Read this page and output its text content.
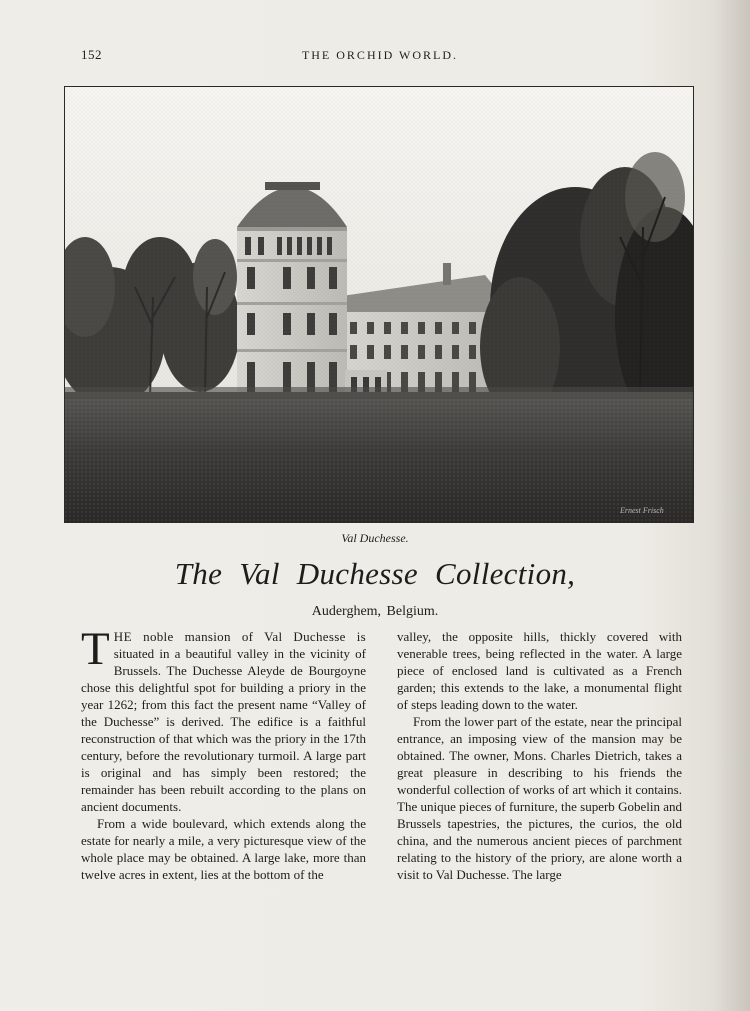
152	THE ORCHID WORLD.
Ernest Frisch
Val Duchesse.
The Val Duchesse Collection,
Auderghem, Belgium.

THE noble mansion of Val Duchesse is situated in a beautiful valley in the vicinity of Brussels. The Duchesse Aleyde de Bourgoyne chose this delightful spot for building a priory in the year 1262; from this fact the present name “Valley of the Duchesse” is derived. The edifice is a faithful reconstruction of that which was the priory in the 17th century, before the revolutionary turmoil. A large part is original and has simply been restored; the remainder has been rebuilt according to the plans on ancient documents.

From a wide boulevard, which extends along the estate for nearly a mile, a very picturesque view of the whole place may be obtained. A large lake, more than twelve acres in extent, lies at the bottom of the

valley, the opposite hills, thickly covered with venerable trees, being reflected in the water. A large piece of enclosed land is cultivated as a French garden; this extends to the lake, a monumental flight of steps leading down to the water.

From the lower part of the estate, near the principal entrance, an imposing view of the mansion may be obtained. The owner, Mons. Charles Dietrich, takes a great pleasure in describing to his friends the wonderful collection of works of art which it contains. The unique pieces of furniture, the superb Gobelin and Brussels tapestries, the pictures, the curios, the old china, and the numerous ancient pieces of parchment relating to the history of the priory, are alone worth a visit to Val Duchesse. The large
